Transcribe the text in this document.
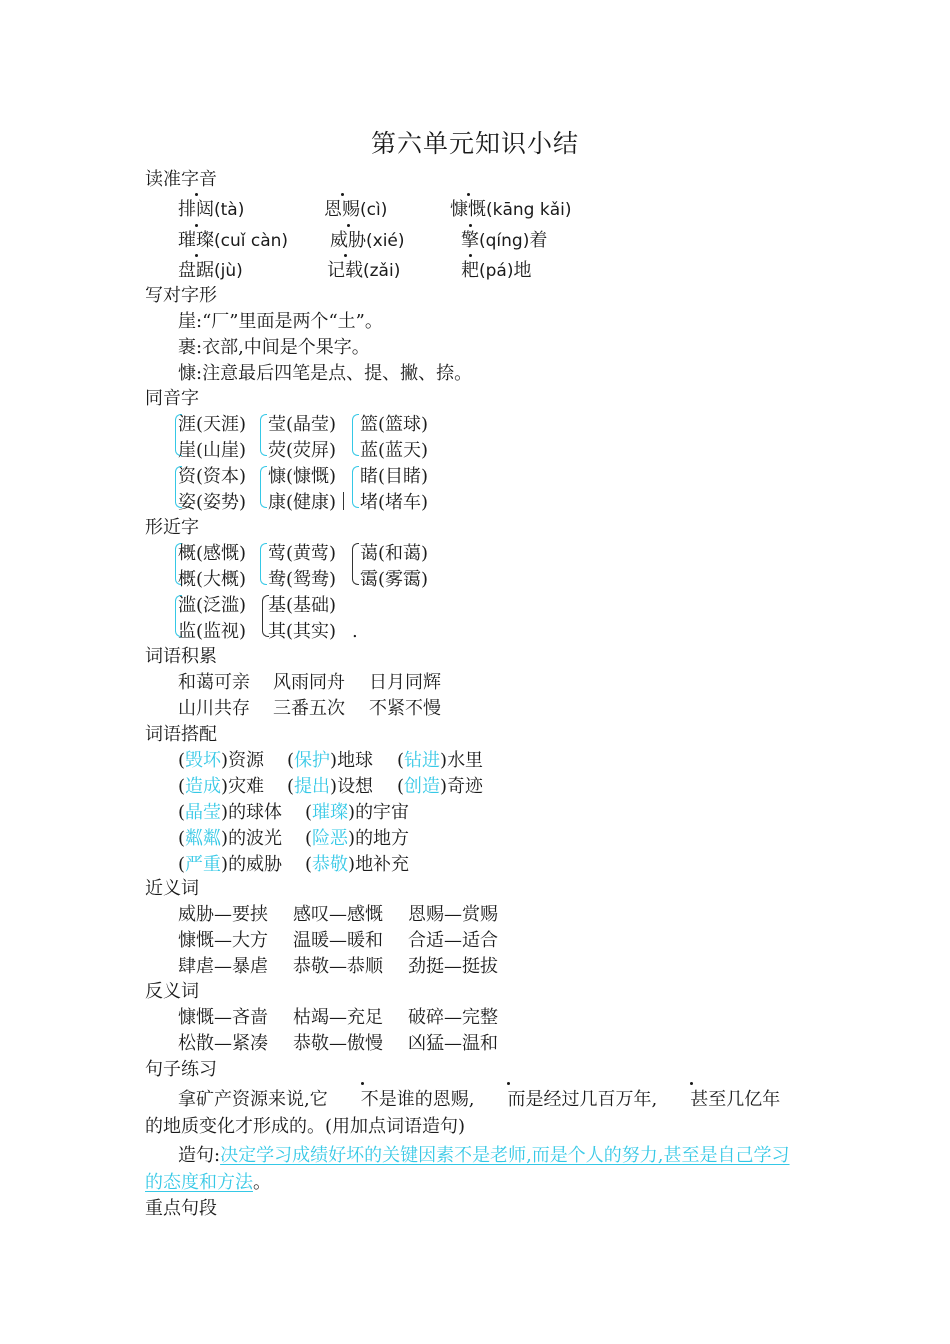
第六单元知识小结
读准字音
排闼(tà)	恩赐(cì)	慷慨(kāng kǎi)
璀璨(cuǐ càn) 威胁(xié)	擎(qíng)着
盘踞(jù)	记载(zǎi)	耙(pá)地
写对字形
崖:“厂”里面是两个“土”。
裹:衣部,中间是个果字。
慷:注意最后四笔是点、提、撇、捺。
同音字
涯(天涯) 莹(晶莹) 篮(篮球)
崖(山崖) 荧(荧屏) 蓝(蓝天)
资(资本) 慷(慷慨) 睹(目睹)
姿(姿势) 康(健康) 堵(堵车)
形近字
概(感慨) 莺(黄莺) 蔼(和蔼)
概(大概) 鸯(鸳鸯) 霭(雾霭)
滥(泛滥) 基(基础)
监(监视) 其(其实) .
词语积累
和蔼可亲 风雨同舟 日月同辉
山川共存 三番五次 不紧不慢
词语搭配
(毁坏)资源 (保护)地球 (钻进)水里
(造成)灾难 (提出)设想 (创造)奇迹
(晶莹)的球体 (璀璨)的宇宙
(粼粼)的波光 (险恶)的地方
(严重)的威胁 (恭敬)地补充
近义词
威胁—要挟 感叹—感慨 恩赐—赏赐
慷慨—大方 温暖—暖和 合适—适合
肆虐—暴虐 恭敬—恭顺 劲挺—挺拔
反义词
慷慨—吝啬 枯竭—充足 破碎—完整
松散—紧凑 恭敬—傲慢 凶猛—温和
句子练习
拿矿产资源来说,它 不是谁的恩赐, 而是经过几百万年, 甚至几亿年的地质变化才形成的。(用加点词语造句)
造句:决定学习成绩好坏的关键因素不是老师,而是个人的努力,甚至是自己学习的态度和方法。
重点句段
